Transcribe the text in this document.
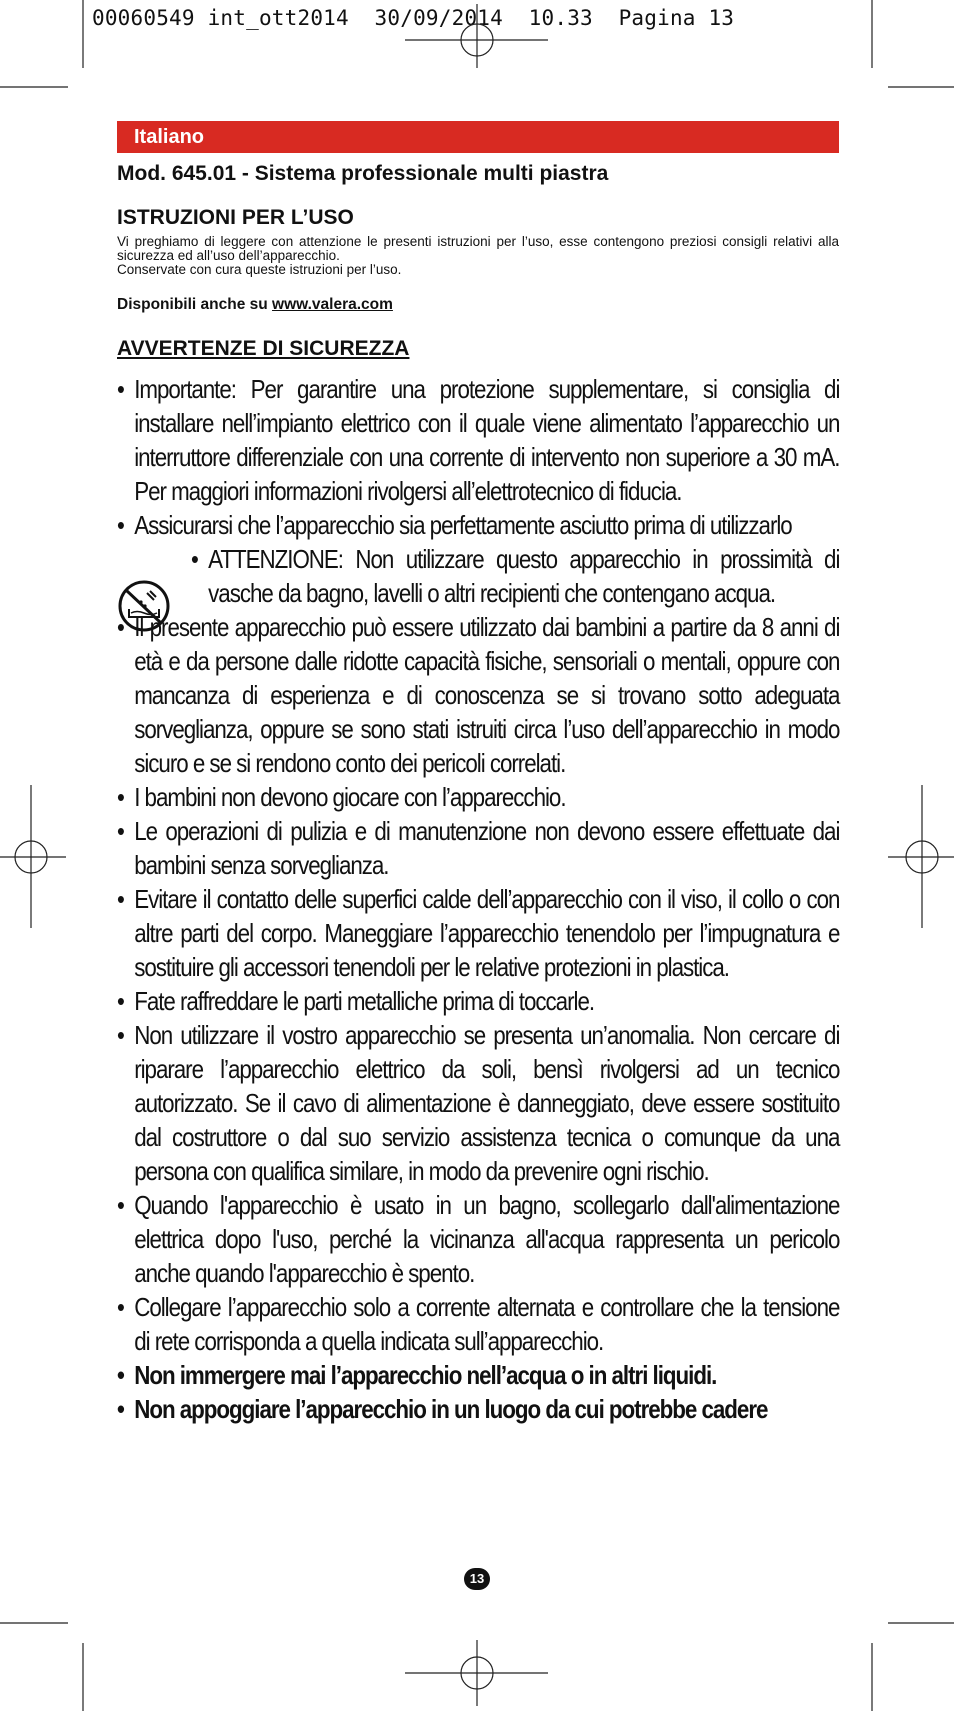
00060549 int_ott2014  30/09/2014  10.33  Pagina 13
Italiano
Mod. 645.01 - Sistema professionale multi piastra
ISTRUZIONI PER L’USO

Vi preghiamo di leggere con attenzione le presenti istruzioni per l’uso, esse contengono preziosi consigli relativi alla sicurezza ed all’uso dell’apparecchio.

Conservate con cura queste istruzioni per l’uso.

Disponibili anche su www.valera.com
AVVERTENZE DI SICUREZZA

• Importante: Per garantire una protezione supplementare, si consiglia di installare nell’impianto elettrico con il quale viene alimentato l’apparecchio un interruttore differenziale con una corrente di intervento non superiore a 30 mA. Per maggiori informazioni rivolgersi all’elettrotecnico di fiducia.

• Assicurarsi che l’apparecchio sia perfettamente asciutto prima di utilizzarlo

• ATTENZIONE: Non utilizzare questo apparecchio in prossimità di vasche da bagno, lavelli o altri recipienti che contengano acqua.

• Il presente apparecchio può essere utilizzato dai bambini a partire da 8 anni di età e da persone dalle ridotte capacità fisiche, sensoriali o mentali, oppure con mancanza di esperienza e di conoscenza se si trovano sotto adeguata sorveglianza, oppure se sono stati istruiti circa l’uso dell’apparecchio in modo sicuro e se si rendono conto dei pericoli correlati.

• I bambini non devono giocare con l’apparecchio.

• Le operazioni di pulizia e di manutenzione non devono essere effettuate dai bambini senza sorveglianza.

• Evitare il contatto delle superfici calde dell’apparecchio con il viso, il collo o con altre parti del corpo. Maneggiare l’apparecchio tenendolo per l’impugnatura e sostituire gli accessori tenendoli per le relative protezioni in plastica.

• Fate raffreddare le parti metalliche prima di toccarle.

• Non utilizzare il vostro apparecchio se presenta un’anomalia. Non cercare di riparare l’apparecchio elettrico da soli, bensì rivolgersi ad un tecnico autorizzato. Se il cavo di alimentazione è danneggiato, deve essere sostituito dal costruttore o dal suo servizio assistenza tecnica o comunque da una persona con qualifica similare, in modo da prevenire ogni rischio.

• Quando l'apparecchio è usato in un bagno, scollegarlo dall'alimentazione elettrica dopo l'uso, perché la vicinanza all'acqua rappresenta un pericolo anche quando l'apparecchio è spento.

• Collegare l’apparecchio solo a corrente alternata e controllare che la tensione di rete corrisponda a quella indicata sull’apparecchio.

• Non immergere mai l’apparecchio nell’acqua o in altri liquidi.

• Non appoggiare l’apparecchio in un luogo da cui potrebbe cadere

13
